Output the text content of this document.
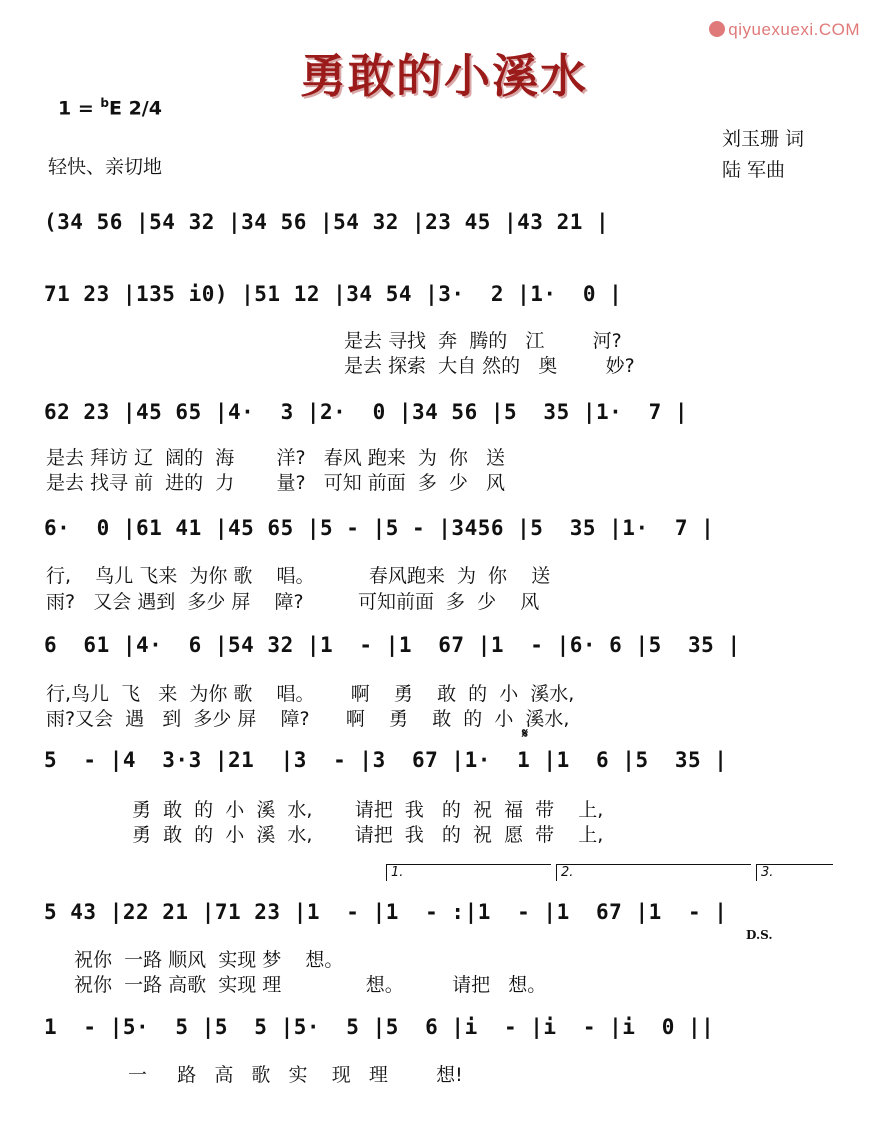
qiyuexuexi.COM
勇敢的小溪水
1 = $^b$E 2/4
轻快、亲切地
刘玉珊 词
陆 军曲
(34 56 |54 32 |34 56 |54 32 |23 45 |43 21 |
71 23 |135 i0) |51 12 |34 54 |3·  2 |1·  0 |
是去 寻找  奔  腾的   江        河?
是去 探索  大自 然的   奥        妙?
62 23 |45 65 |4·  3 |2·  0 |34 56 |5  35 |1·  7 |
是去 拜访 辽  阔的  海       洋?   春风 跑来  为  你   送
是去 找寻 前  进的  力       量?   可知 前面  多  少   风
6·  0 |61 41 |45 65 |5 - |5 - |3456 |5  35 |1·  7 |
行,    鸟儿 飞来  为你 歌    唱。         春风跑来  为  你    送
雨?   又会 遇到  多少 屏    障?         可知前面  多  少    风
6  61 |4·  6 |54 32 |1  - |1  67 |1  - |6· 6 |5  35 |
行,鸟儿  飞   来  为你 歌    唱。      啊    勇    敢  的  小  溪水,
雨?又会  遇   到  多少 屏    障?      啊    勇    敢  的  小  溪水,
𝄋
5  - |4  3·3 |21  |3  - |3  67 |1·  1 |1  6 |5  35 |
勇  敢  的  小  溪  水,       请把  我   的  祝  福  带    上,
勇  敢  的  小  溪  水,       请把  我   的  祝  愿  带    上,
1.	2.	3.
5 43 |22 21 |71 23 |1  - |1  - :|1  - |1  67 |1  - |
D.S.
祝你  一路 顺风  实现 梦    想。
祝你  一路 高歌  实现 理              想。        请把   想。
1  - |5·  5 |5  5 |5·  5 |5  6 |i  - |i  - |i  0 ||
一     路   高   歌   实    现   理        想!
